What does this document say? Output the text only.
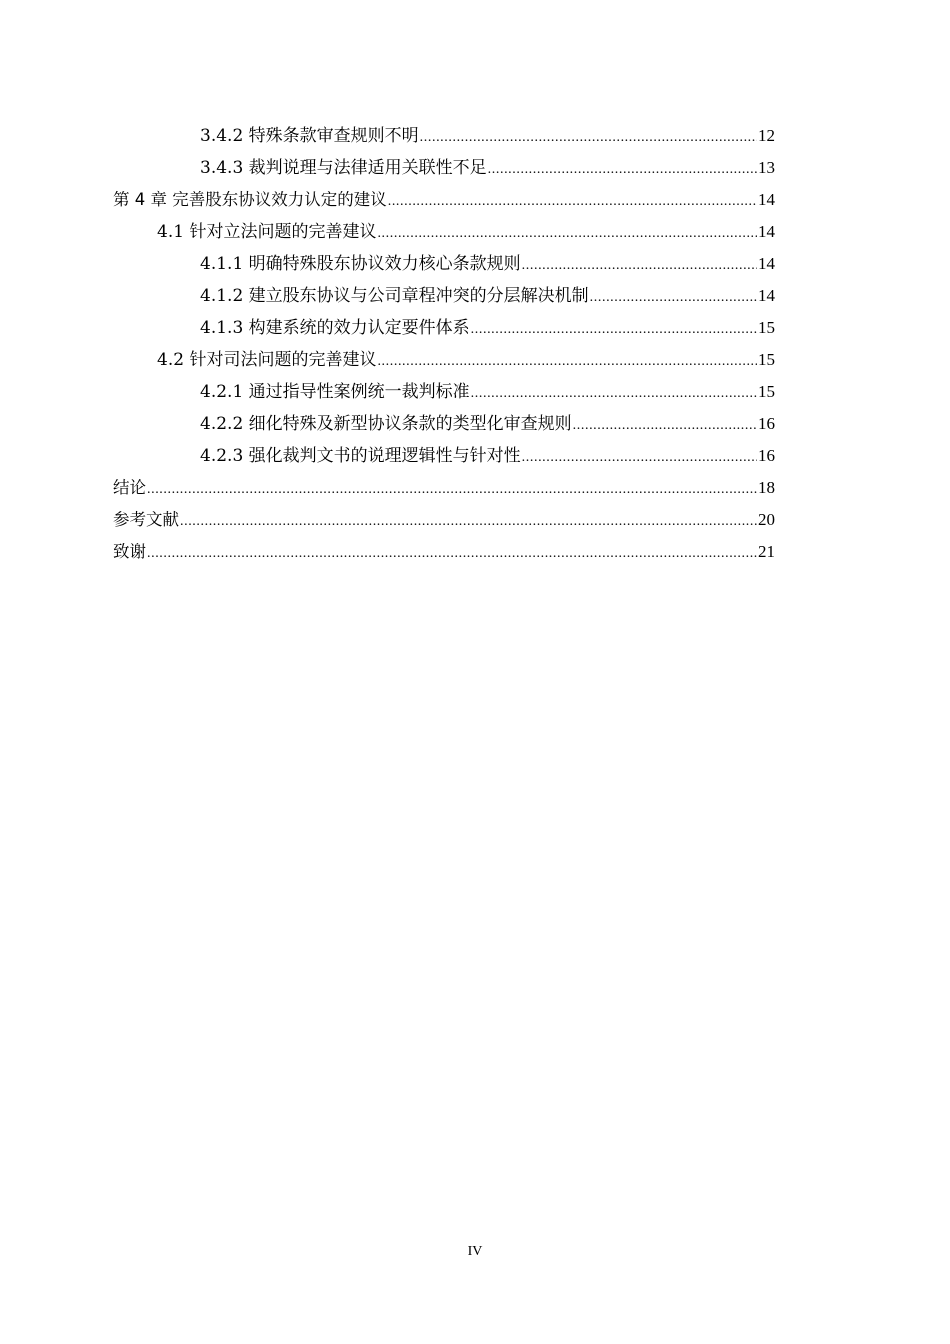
3.4.2 特殊条款审查规则不明 .....	12
3.4.3 裁判说理与法律适用关联性不足 .....	13
第 4 章 完善股东协议效力认定的建议 .....	14
4.1 针对立法问题的完善建议 .....	14
4.1.1 明确特殊股东协议效力核心条款规则 .....	14
4.1.2 建立股东协议与公司章程冲突的分层解决机制 .....	14
4.1.3 构建系统的效力认定要件体系 .....	15
4.2 针对司法问题的完善建议 .....	15
4.2.1 通过指导性案例统一裁判标准 .....	15
4.2.2 细化特殊及新型协议条款的类型化审查规则 .....	16
4.2.3 强化裁判文书的说理逻辑性与针对性 .....	16
结论 .....	18
参考文献 .....	20
致谢 .....	21
IV
